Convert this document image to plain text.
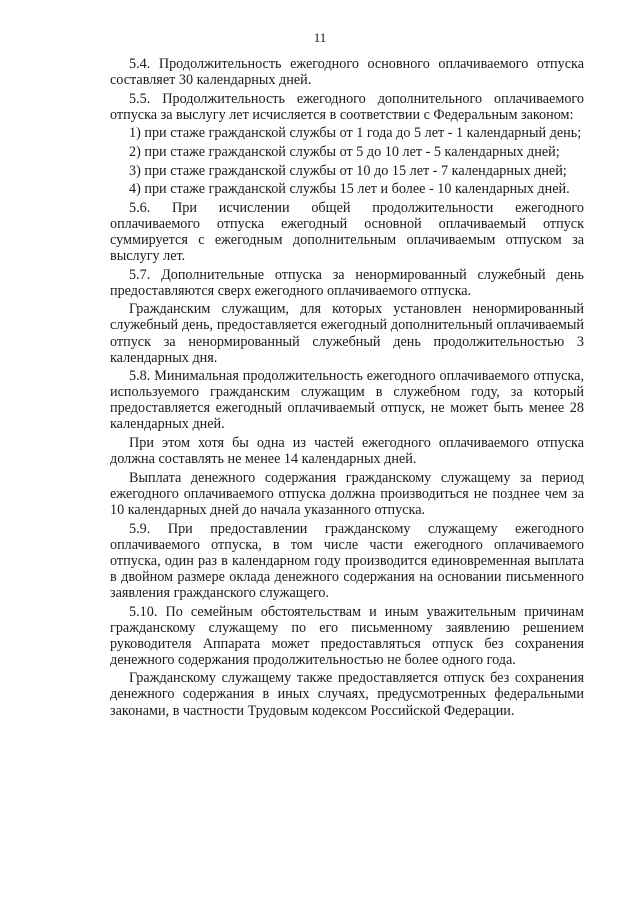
11

5.4. Продолжительность ежегодного основного оплачиваемого отпуска составляет 30 календарных дней.

5.5. Продолжительность ежегодного дополнительного оплачиваемого отпуска за выслугу лет исчисляется в соответствии с Федеральным законом:

1) при стаже гражданской службы от 1 года до 5 лет - 1 календарный день;

2) при стаже гражданской службы от 5 до 10 лет - 5 календарных дней;

3) при стаже гражданской службы от 10 до 15 лет - 7 календарных дней;

4) при стаже гражданской службы 15 лет и более - 10 календарных дней.

5.6. При исчислении общей продолжительности ежегодного оплачиваемого отпуска ежегодный основной оплачиваемый отпуск суммируется с ежегодным дополнительным оплачиваемым отпуском за выслугу лет.

5.7. Дополнительные отпуска за ненормированный служебный день предоставляются сверх ежегодного оплачиваемого отпуска.

Гражданским служащим, для которых установлен ненормированный служебный день, предоставляется ежегодный дополнительный оплачиваемый отпуск за ненормированный служебный день продолжительностью 3 календарных дня.

5.8. Минимальная продолжительность ежегодного оплачиваемого отпуска, используемого гражданским служащим в служебном году, за который предоставляется ежегодный оплачиваемый отпуск, не может быть менее 28 календарных дней.

При этом хотя бы одна из частей ежегодного оплачиваемого отпуска должна составлять не менее 14 календарных дней.

Выплата денежного содержания гражданскому служащему за период ежегодного оплачиваемого отпуска должна производиться не позднее чем за 10 календарных дней до начала указанного отпуска.

5.9. При предоставлении гражданскому служащему ежегодного оплачиваемого отпуска, в том числе части ежегодного оплачиваемого отпуска, один раз в календарном году производится единовременная выплата в двойном размере оклада денежного содержания на основании письменного заявления гражданского служащего.

5.10. По семейным обстоятельствам и иным уважительным причинам гражданскому служащему по его письменному заявлению решением руководителя Аппарата может предоставляться отпуск без сохранения денежного содержания продолжительностью не более одного года.

Гражданскому служащему также предоставляется отпуск без сохранения денежного содержания в иных случаях, предусмотренных федеральными законами, в частности Трудовым кодексом Российской Федерации.
